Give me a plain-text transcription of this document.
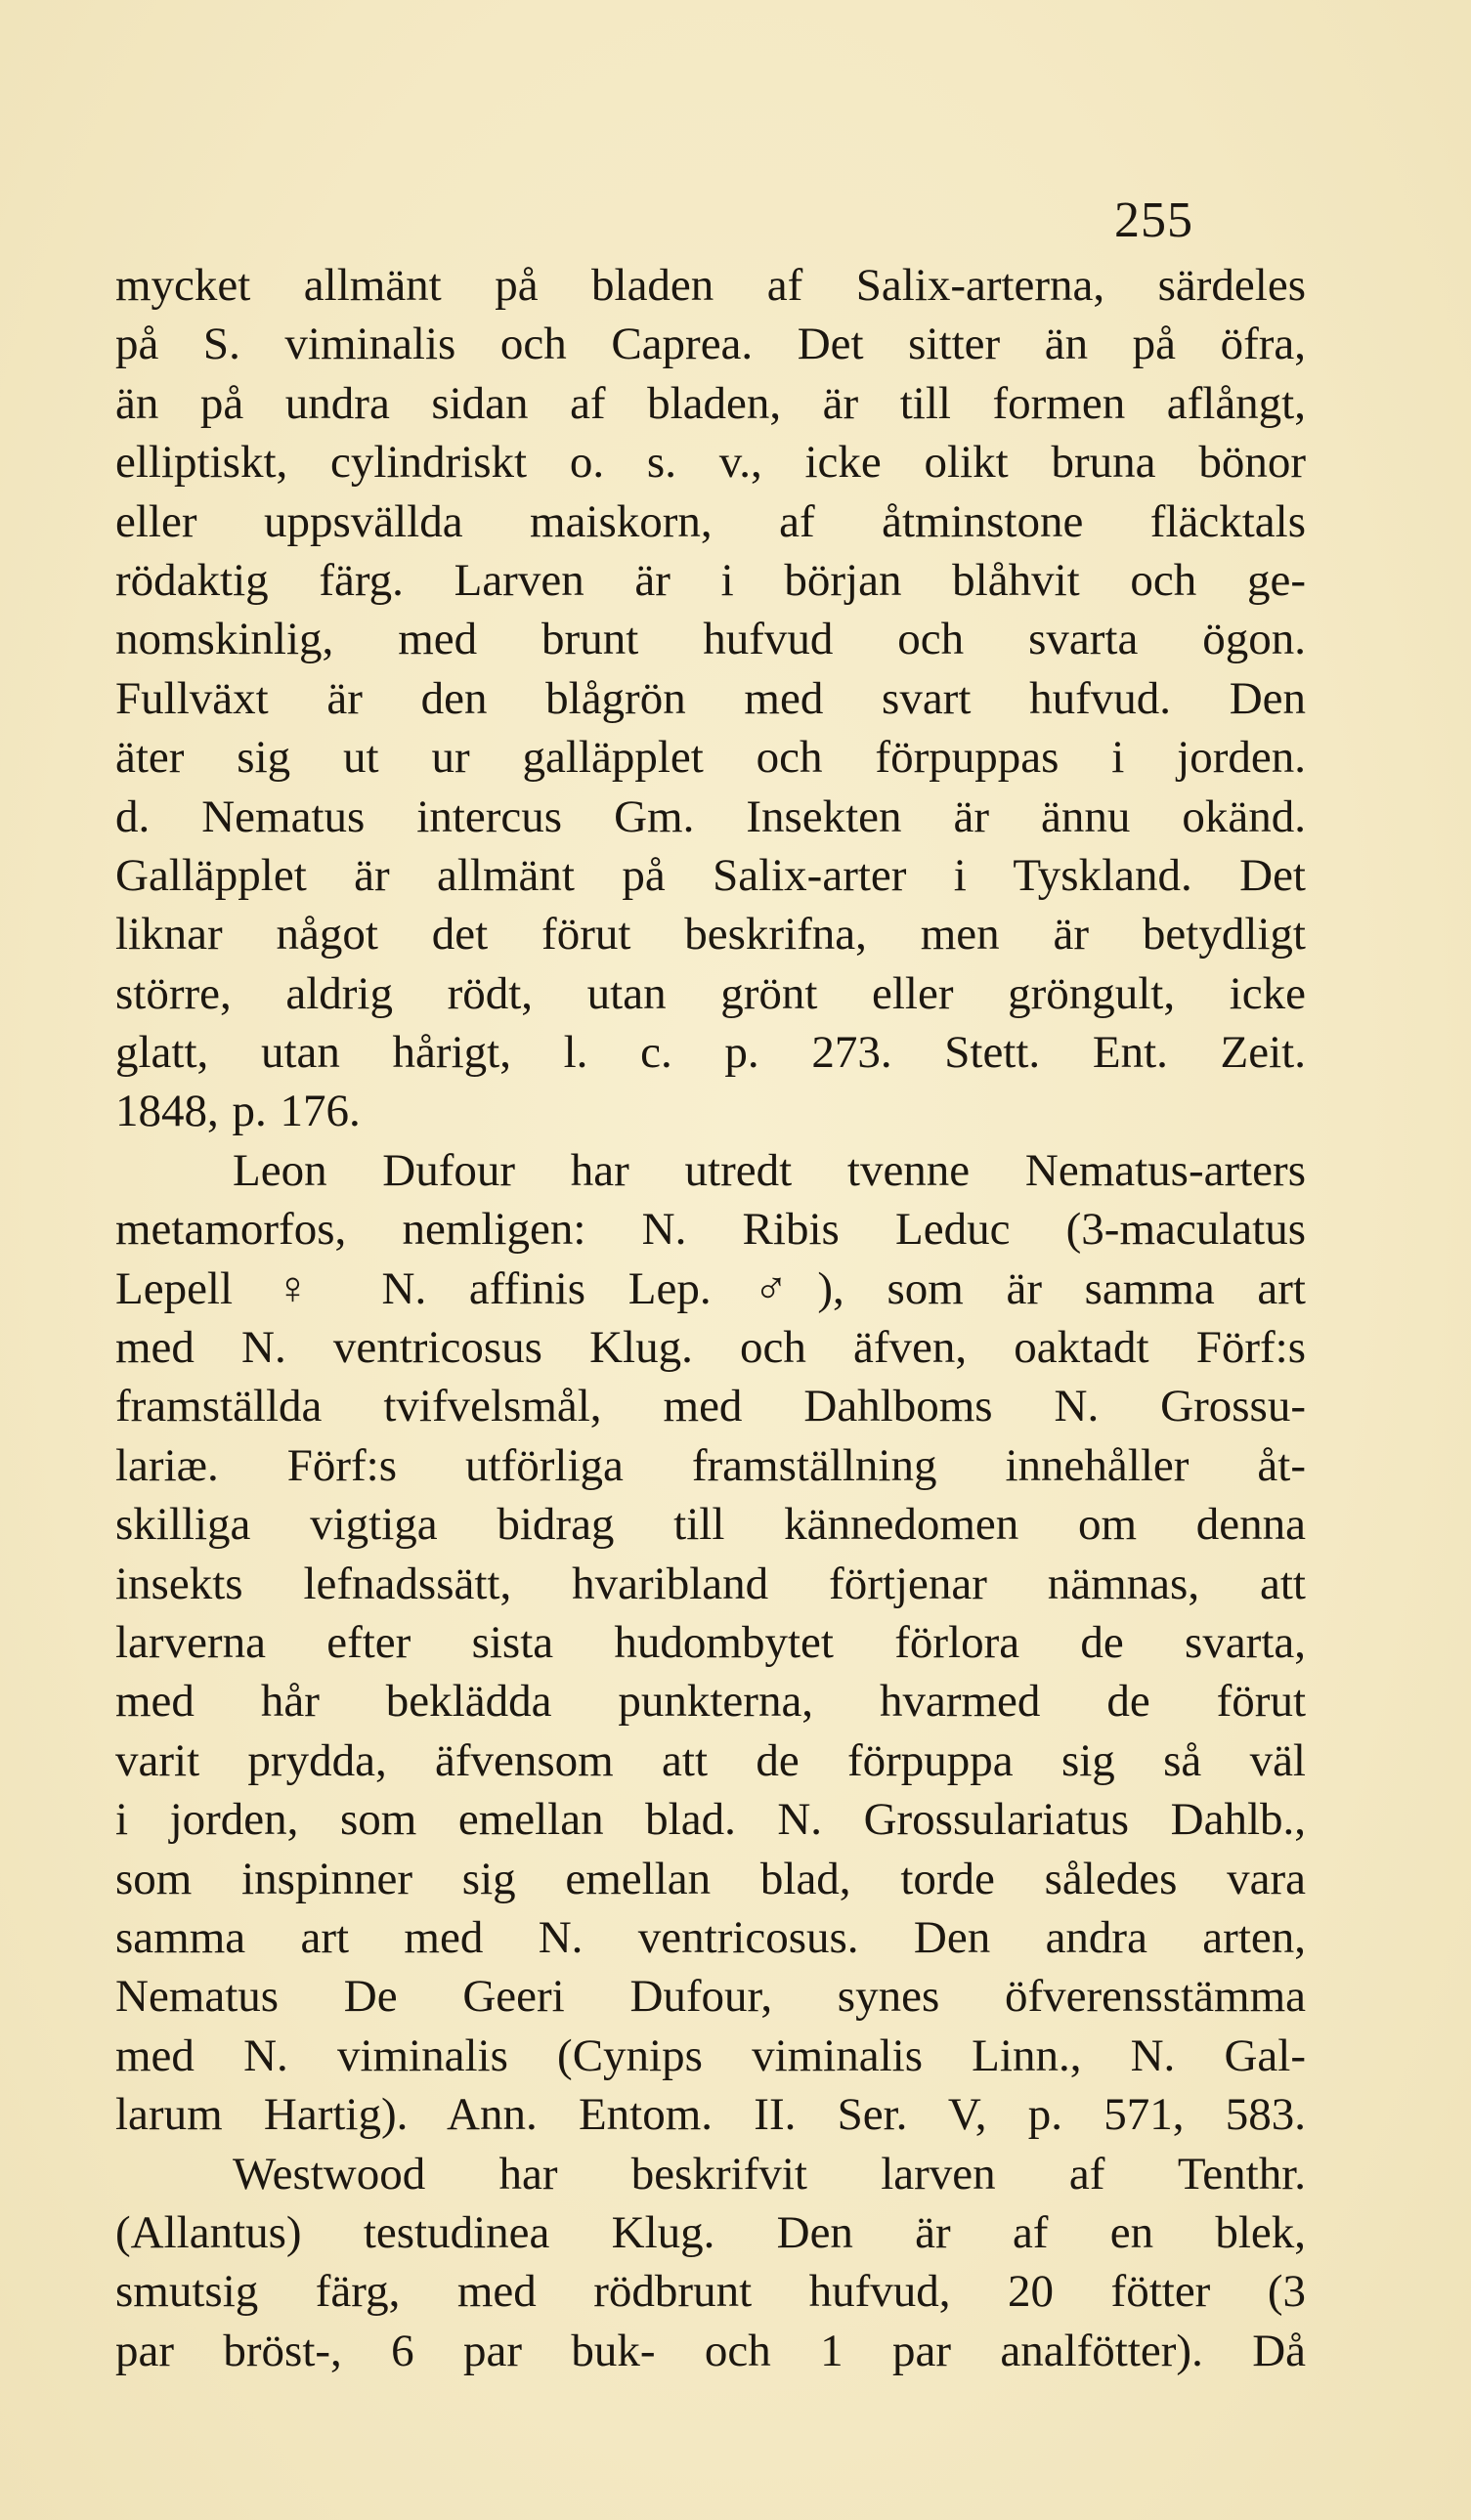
255
mycket allmänt på bladen af Salix-arterna, särdeles
på S. viminalis och Caprea. Det sitter än på öfra,
än på undra sidan af bladen, är till formen aflångt,
elliptiskt, cylindriskt o. s. v., icke olikt bruna bönor
eller uppsvällda maiskorn, af åtminstone fläcktals
rödaktig färg. Larven är i början blåhvit och ge-
nomskinlig, med brunt hufvud och svarta ögon.
Fullväxt är den blågrön med svart hufvud. Den
äter sig ut ur galläpplet och förpuppas i jorden.
d. Nematus intercus Gm. Insekten är ännu okänd.
Galläpplet är allmänt på Salix-arter i Tyskland. Det
liknar något det förut beskrifna, men är betydligt
större, aldrig rödt, utan grönt eller gröngult, icke
glatt, utan hårigt, l. c. p. 273. Stett. Ent. Zeit.
1848, p. 176.
Leon Dufour har utredt tvenne Nematus-arters
metamorfos, nemligen: N. Ribis Leduc (3-maculatus
Lepell ♀ N. affinis Lep. ♂), som är samma art
med N. ventricosus Klug. och äfven, oaktadt Förf:s
framställda tvifvelsmål, med Dahlboms N. Grossu-
lariæ. Förf:s utförliga framställning innehåller åt-
skilliga vigtiga bidrag till kännedomen om denna
insekts lefnadssätt, hvaribland förtjenar nämnas, att
larverna efter sista hudombytet förlora de svarta,
med hår beklädda punkterna, hvarmed de förut
varit prydda, äfvensom att de förpuppa sig så väl
i jorden, som emellan blad. N. Grossulariatus Dahlb.,
som inspinner sig emellan blad, torde således vara
samma art med N. ventricosus. Den andra arten,
Nematus De Geeri Dufour, synes öfverensstämma
med N. viminalis (Cynips viminalis Linn., N. Gal-
larum Hartig). Ann. Entom. II. Ser. V, p. 571, 583.
Westwood har beskrifvit larven af Tenthr.
(Allantus) testudinea Klug. Den är af en blek,
smutsig färg, med rödbrunt hufvud, 20 fötter (3
par bröst-, 6 par buk- och 1 par analfötter). Då
